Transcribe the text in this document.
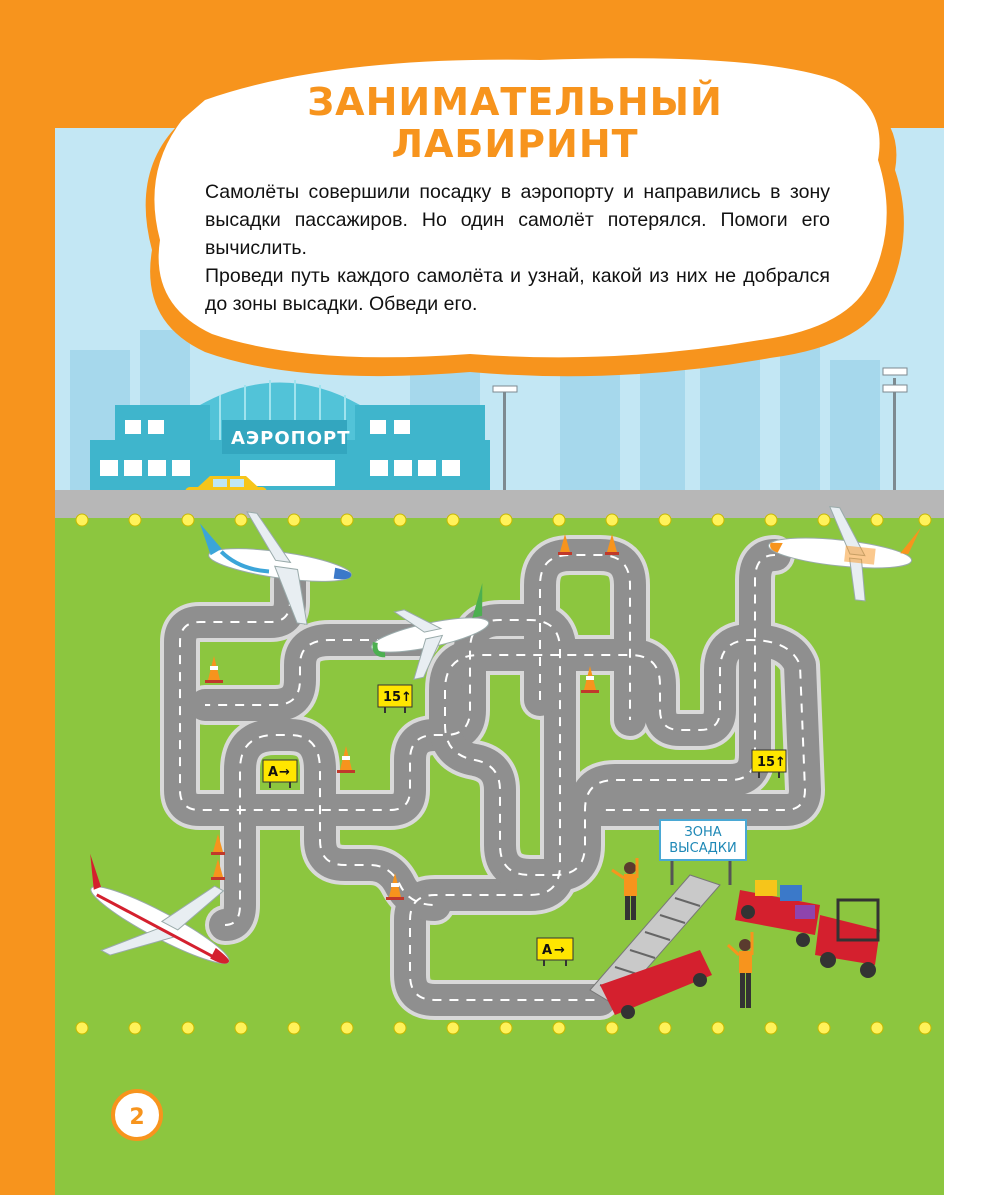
АЭРОПОРТ
15 ↑
15 ↑
A →
A →
ЗОНА
ВЫСАДКИ
ЗАНИМАТЕЛЬНЫЙ
ЛАБИРИНТ
2

Самолёты совершили посадку в аэропорту и направились в зону высадки пассажиров. Но один самолёт потерялся. Помоги его вычислить.

Проведи путь каждого самолёта и узнай, какой из них не добрался до зоны высадки. Обведи его.
